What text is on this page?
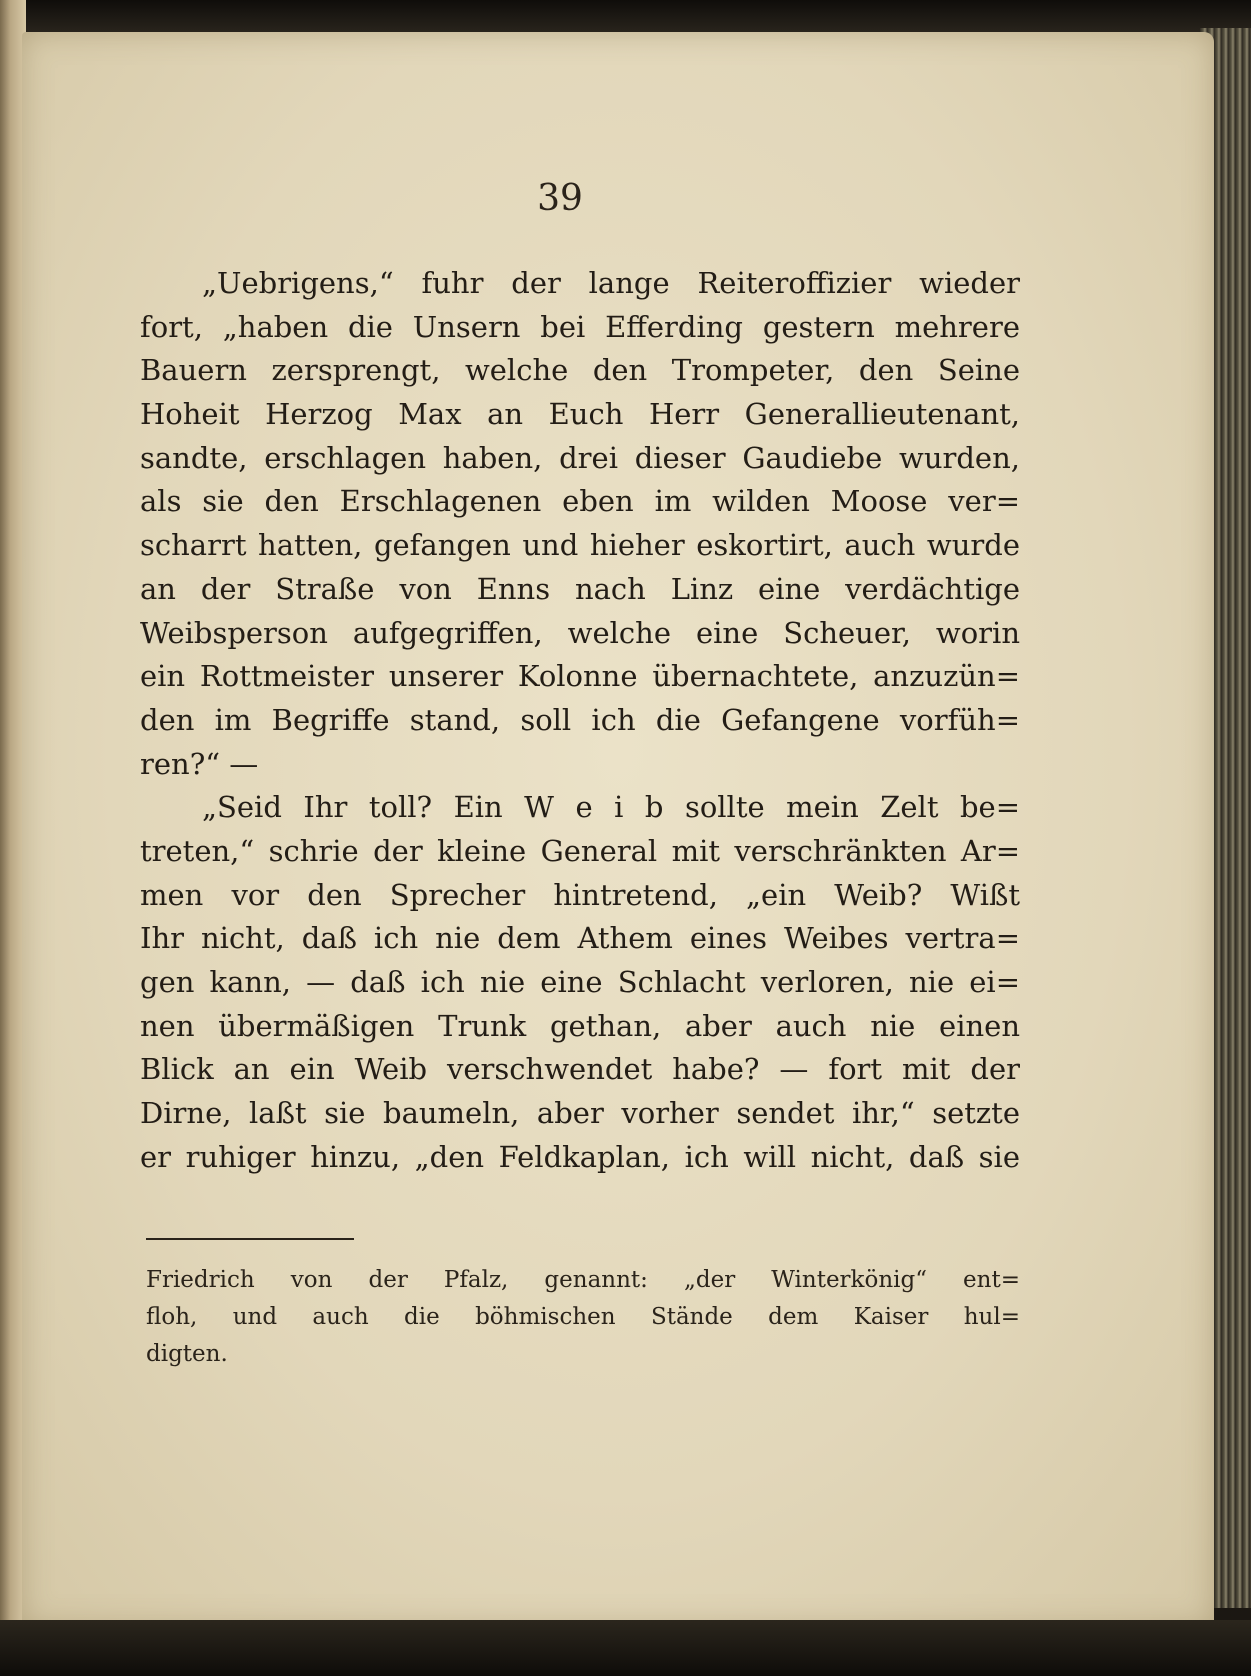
39
„Uebrigens,“ fuhr der lange Reiteroffizier wieder
fort, „haben die Unsern bei Efferding gestern mehrere
Bauern zersprengt, welche den Trompeter, den Seine
Hoheit Herzog Max an Euch Herr Generallieutenant,
sandte, erschlagen haben, drei dieser Gaudiebe wurden,
als sie den Erschlagenen eben im wilden Moose ver=
scharrt hatten, gefangen und hieher eskortirt, auch wurde
an der Straße von Enns nach Linz eine verdächtige
Weibsperson aufgegriffen, welche eine Scheuer, worin
ein Rottmeister unserer Kolonne übernachtete, anzuzün=
den im Begriffe stand, soll ich die Gefangene vorfüh=
ren?“ —
„Seid Ihr toll? Ein W e i b sollte mein Zelt be=
treten,“ schrie der kleine General mit verschränkten Ar=
men vor den Sprecher hintretend, „ein Weib? Wißt
Ihr nicht, daß ich nie dem Athem eines Weibes vertra=
gen kann, — daß ich nie eine Schlacht verloren, nie ei=
nen übermäßigen Trunk gethan, aber auch nie einen
Blick an ein Weib verschwendet habe? — fort mit der
Dirne, laßt sie baumeln, aber vorher sendet ihr,“ setzte
er ruhiger hinzu, „den Feldkaplan, ich will nicht, daß sie
Friedrich von der Pfalz, genannt: „der Winterkönig“ ent=
floh, und auch die böhmischen Stände dem Kaiser hul=
digten.
